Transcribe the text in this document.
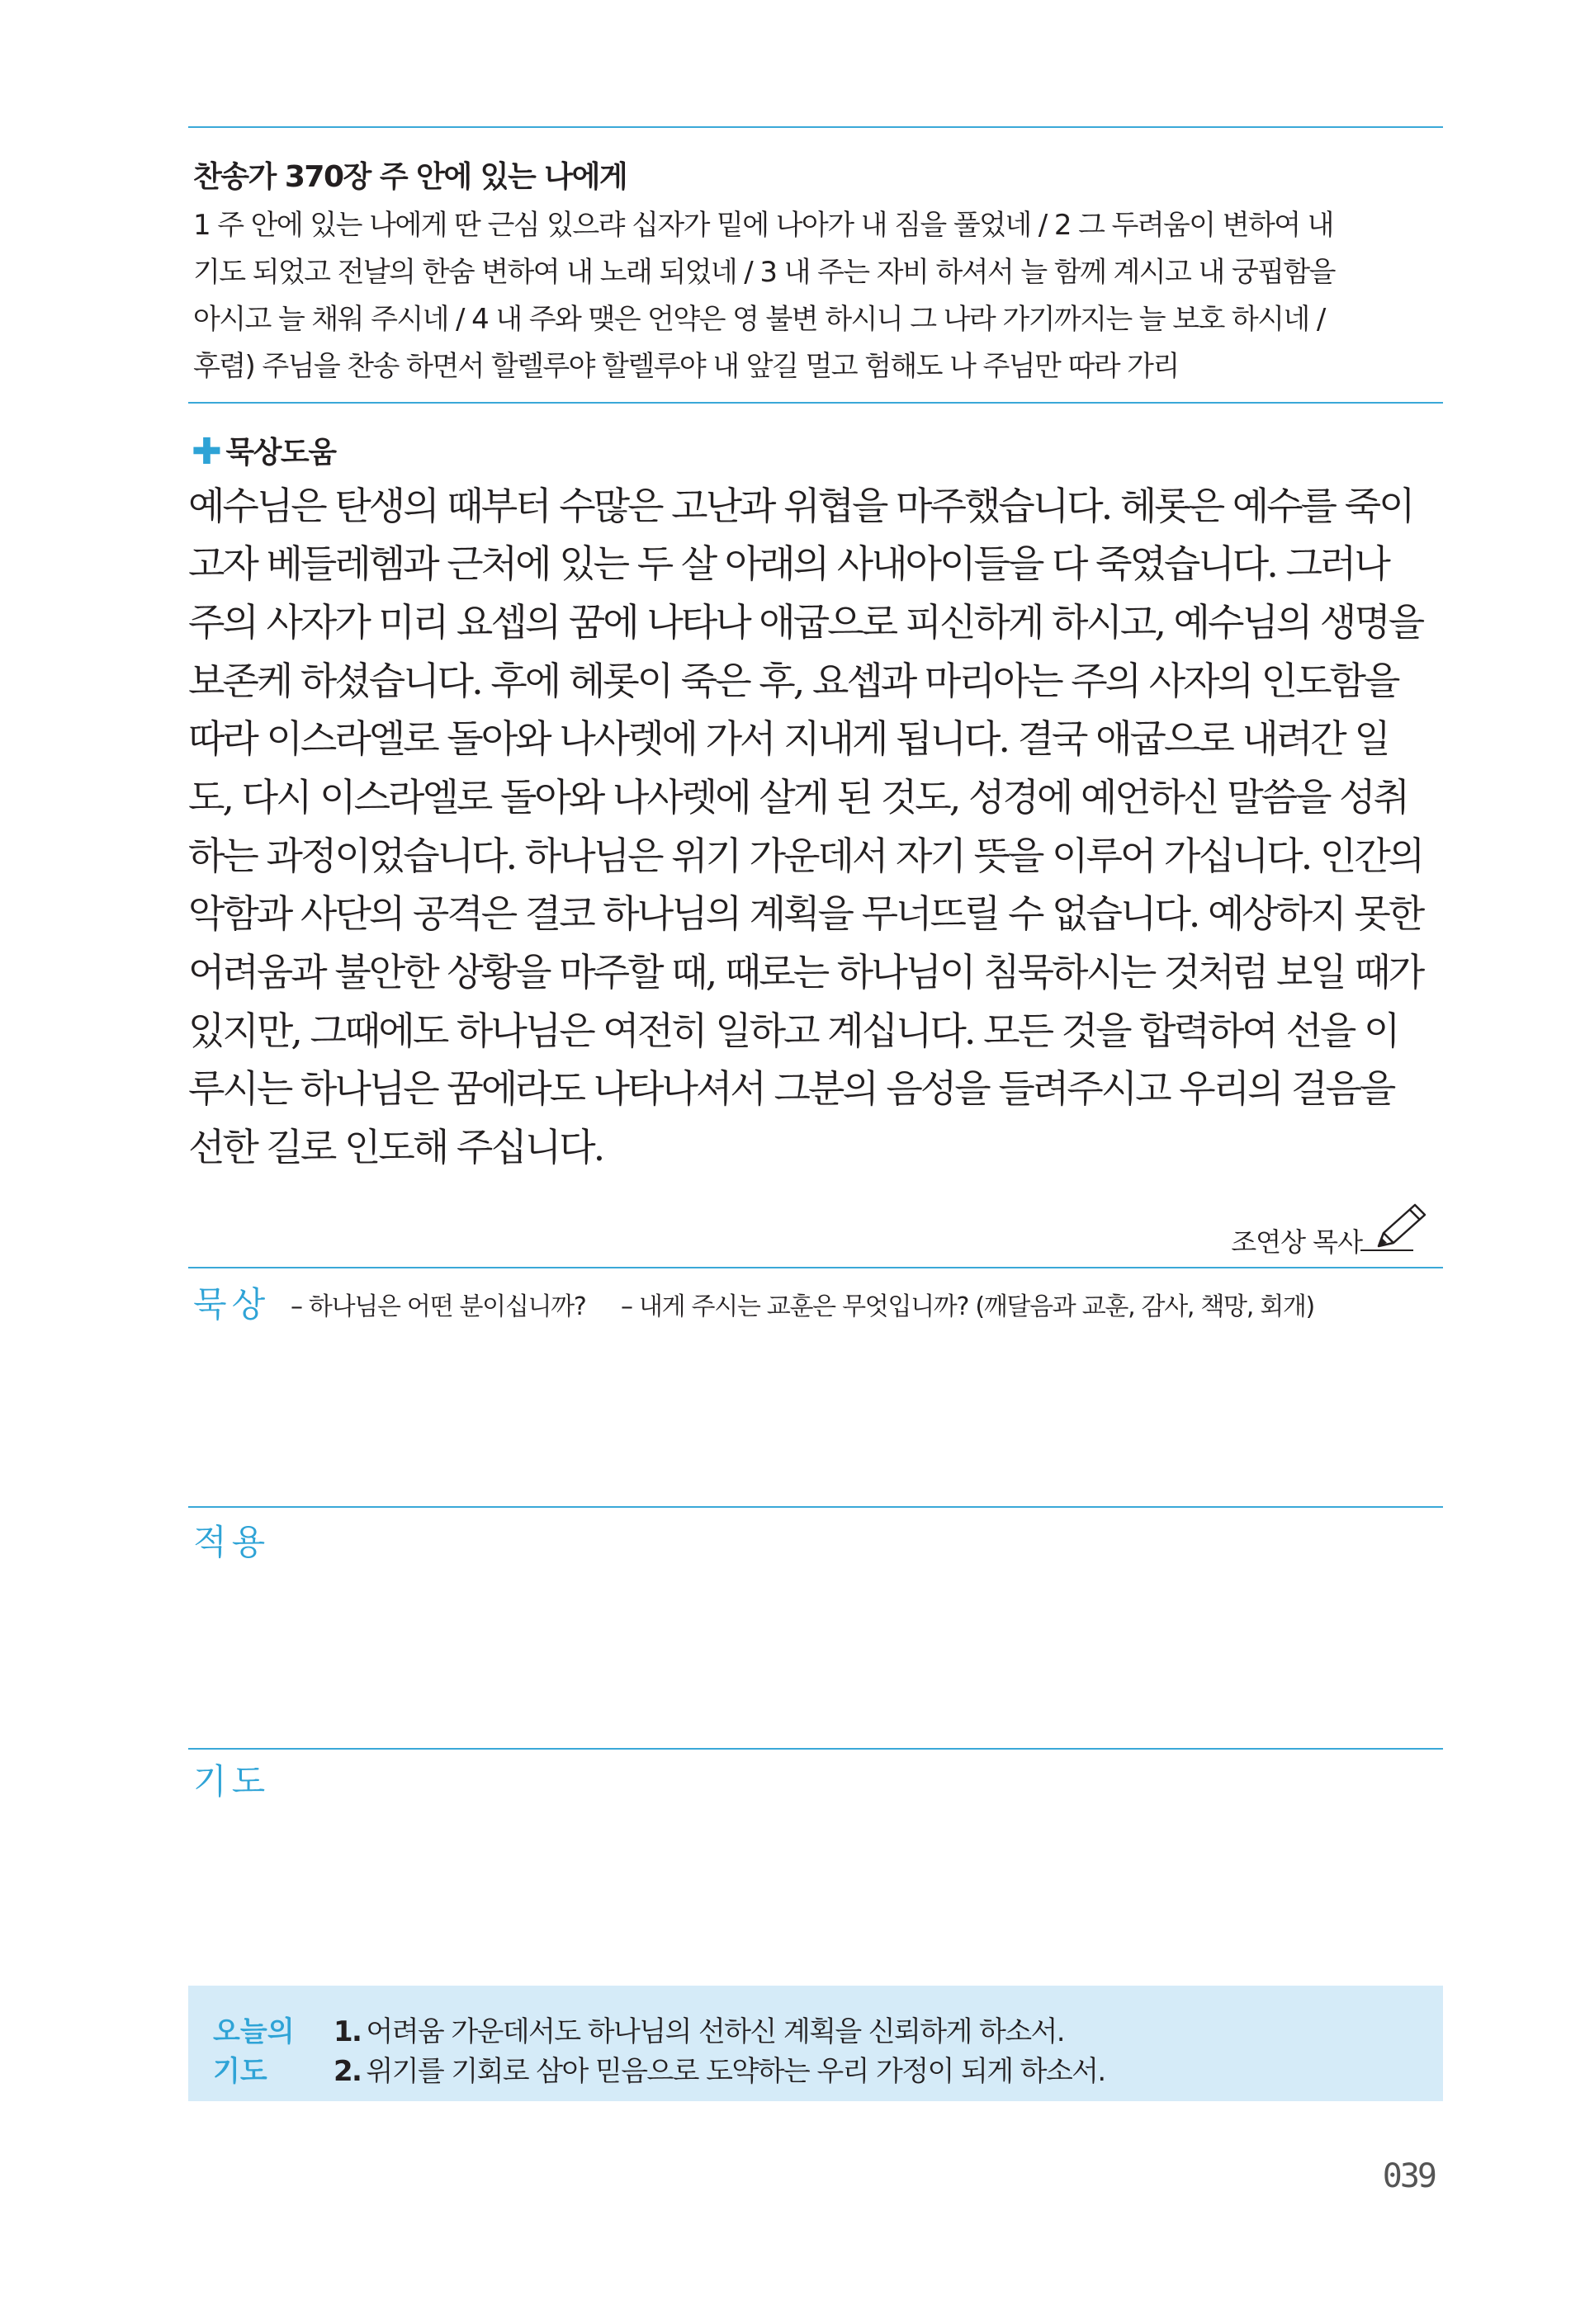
찬송가 370장 주 안에 있는 나에게
1 주 안에 있는 나에게 딴 근심 있으랴 십자가 밑에 나아가 내 짐을 풀었네 / 2 그 두려움이 변하여 내
기도 되었고 전날의 한숨 변하여 내 노래 되었네 / 3 내 주는 자비 하셔서 늘 함께 계시고 내 궁핍함을
아시고 늘 채워 주시네 / 4 내 주와 맺은 언약은 영 불변 하시니 그 나라 가기까지는 늘 보호 하시네 /
후렴) 주님을 찬송 하면서 할렐루야 할렐루야 내 앞길 멀고 험해도 나 주님만 따라 가리
✚ 묵상도움
예수님은 탄생의 때부터 수많은 고난과 위협을 마주했습니다. 헤롯은 예수를 죽이
고자 베들레헴과 근처에 있는 두 살 아래의 사내아이들을 다 죽였습니다. 그러나
주의 사자가 미리 요셉의 꿈에 나타나 애굽으로 피신하게 하시고, 예수님의 생명을
보존케 하셨습니다. 후에 헤롯이 죽은 후, 요셉과 마리아는 주의 사자의 인도함을
따라 이스라엘로 돌아와 나사렛에 가서 지내게 됩니다. 결국 애굽으로 내려간 일
도, 다시 이스라엘로 돌아와 나사렛에 살게 된 것도, 성경에 예언하신 말씀을 성취
하는 과정이었습니다. 하나님은 위기 가운데서 자기 뜻을 이루어 가십니다. 인간의
악함과 사단의 공격은 결코 하나님의 계획을 무너뜨릴 수 없습니다. 예상하지 못한
어려움과 불안한 상황을 마주할 때, 때로는 하나님이 침묵하시는 것처럼 보일 때가
있지만, 그때에도 하나님은 여전히 일하고 계십니다. 모든 것을 합력하여 선을 이
루시는 하나님은 꿈에라도 나타나셔서 그분의 음성을 들려주시고 우리의 걸음을
선한 길로 인도해 주십니다.
조연상 목사
묵상 – 하나님은 어떤 분이십니까? – 내게 주시는 교훈은 무엇입니까? (깨달음과 교훈, 감사, 책망, 회개)
적용
기도
오늘의
기도
1. 어려움 가운데서도 하나님의 선하신 계획을 신뢰하게 하소서.
2. 위기를 기회로 삼아 믿음으로 도약하는 우리 가정이 되게 하소서.
039
